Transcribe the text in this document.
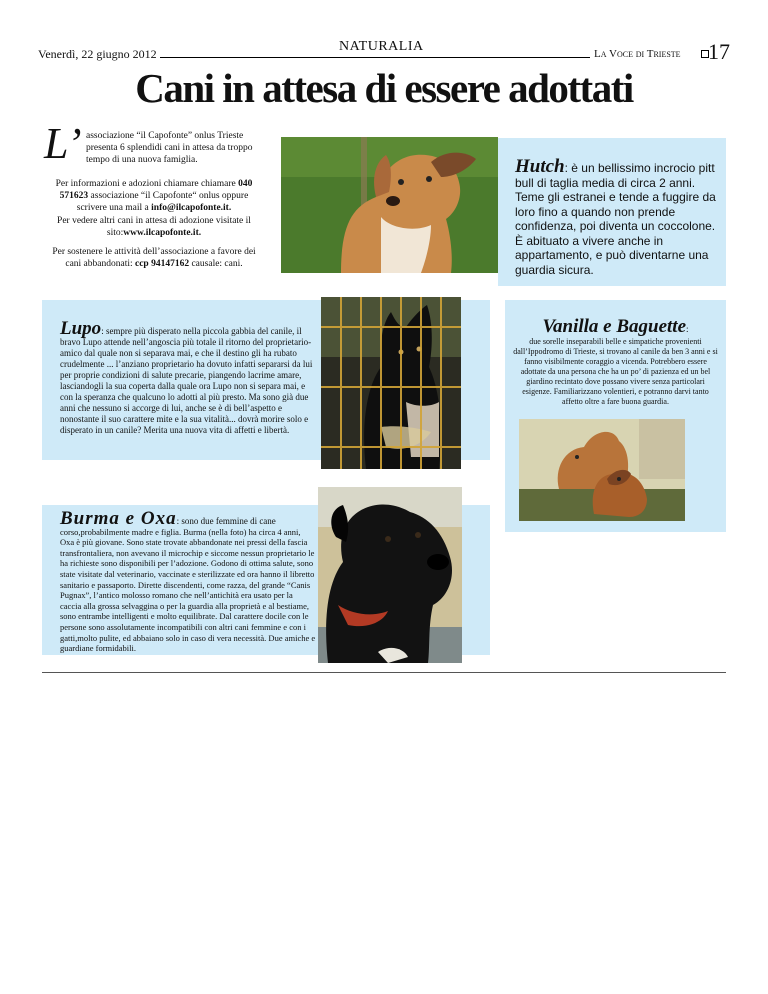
Venerdì, 22 giugno 2012	NATURALIA	La Voce di Trieste 17
Cani in attesa di essere adottati
L’ associazione “il Capofonte” onlus Trieste presenta 6 splendidi cani in attesa da troppo tempo di una nuova famiglia.
Per informazioni e adozioni chiamare chiamare 040 571623 associazione “il Capofonte“ onlus oppure scrivere una mail a info@ilcapofonte.it.
Per vedere altri cani in attesa di adozione visitate il sito:www.ilcapofonte.it.
Per sostenere le attività dell’associazione a favore dei cani abbandonati: ccp 94147162 causale: cani.
Hutch: è un bellissimo incrocio pitt bull di taglia media di circa 2 anni. Teme gli estranei e tende a fuggire da loro fino a quando non prende confidenza, poi diventa un coccolone. È abituato a vivere anche in appartamento, e può diventarne una guardia sicura.
Lupo: sempre più disperato nella piccola gabbia del canile, il bravo Lupo attende nell’angoscia più totale il ritorno del proprietario-amico dal quale non si separava mai, e che il destino gli ha rubato crudelmente ... l’anziano proprietario ha dovuto infatti separarsi da lui per proprie condizioni di salute precarie, piangendo lacrime amare, lasciandogli la sua coperta dalla quale ora Lupo non si separa mai, e con la speranza che qualcuno lo adotti al più presto. Ma sono già due anni che nessuno si accorge di lui, anche se è di bell’aspetto e nonostante il suo carattere mite e la sua vitalità... dovrà morire solo e disperato in un canile? Merita una nuova vita di affetti e libertà.
Vanilla e Baguette:
due sorelle inseparabili belle e simpatiche provenienti dall’Ippodromo di Trieste, si trovano al canile da ben 3 anni e si fanno visibilmente coraggio a vicenda. Potrebbero essere adottate da una persona che ha un po’ di pazienza ed un bel giardino recintato dove possano vivere senza particolari esigenze. Familiarizzano volentieri, e potranno darvi tanto affetto oltre a fare buona guardia.
Burma e Oxa: sono due femmine di cane
corso,probabilmente madre e figlia. Burma (nella foto) ha circa 4 anni, Oxa è più giovane. Sono state trovate abbandonate nei pressi della fascia transfrontaliera, non avevano il microchip e siccome nessun proprietario le ha richieste sono disponibili per l’adozione. Godono di ottima salute, sono state visitate dal veterinario, vaccinate e sterilizzate ed ora hanno il libretto sanitario e passaporto. Dirette discendenti, come razza, del grande “Canis Pugnax”, l’antico molosso romano che nell’antichità era usato per la caccia alla grossa selvaggina o per la guardia alla proprietà e al bestiame, sono entrambe intelligenti e molto equilibrate. Dal carattere docile con le persone sono assolutamente incompatibili con altri cani femmine e con i gatti,molto pulite, ed abbaiano solo in caso di vera necessità. Due amiche e guardiane formidabili.
